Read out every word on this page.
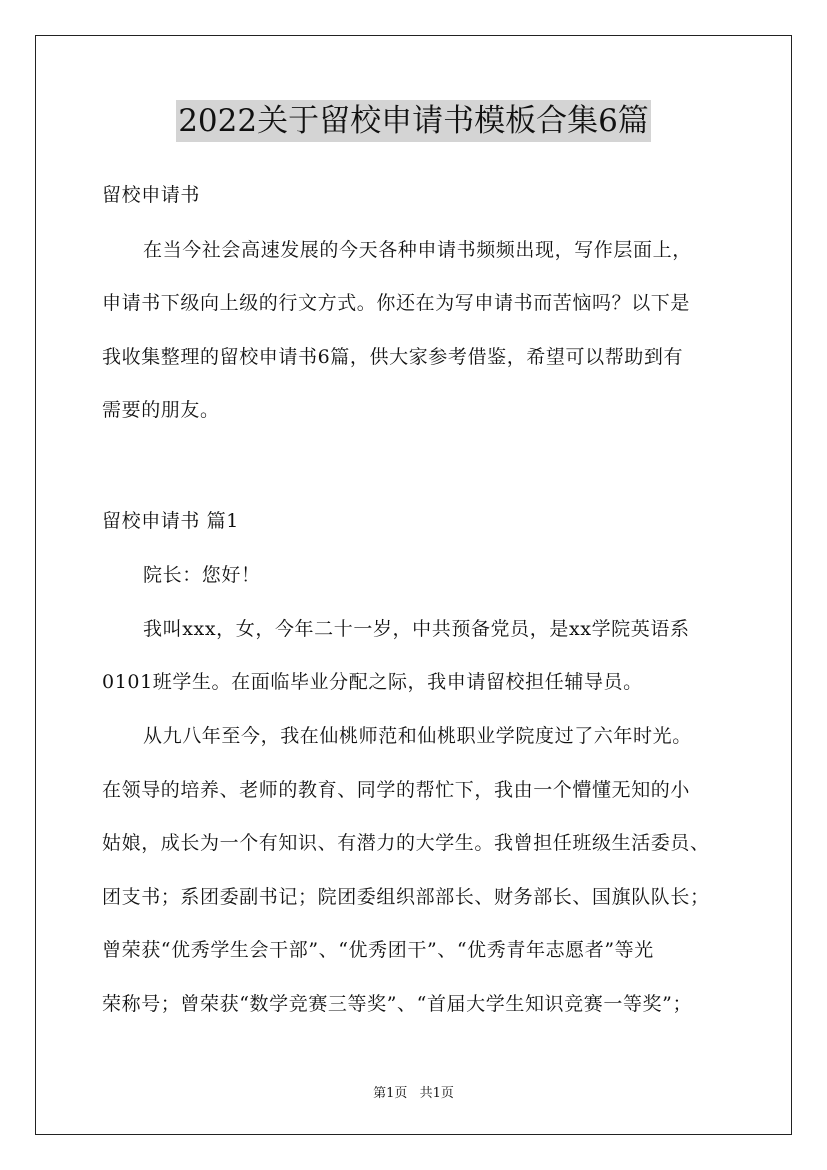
2022关于留校申请书模板合集6篇
留校申请书
在当今社会高速发展的今天各种申请书频频出现，写作层面上，
申请书下级向上级的行文方式。你还在为写申请书而苦恼吗？以下是
我收集整理的留校申请书6篇，供大家参考借鉴，希望可以帮助到有
需要的朋友。
留校申请书 篇1
院长：您好！
我叫xxx，女，今年二十一岁，中共预备党员，是xx学院英语系
0101班学生。在面临毕业分配之际，我申请留校担任辅导员。
从九八年至今，我在仙桃师范和仙桃职业学院度过了六年时光。
在领导的培养、老师的教育、同学的帮忙下，我由一个懵懂无知的小
姑娘，成长为一个有知识、有潜力的大学生。我曾担任班级生活委员、
团支书；系团委副书记；院团委组织部部长、财务部长、国旗队队长；
曾荣获“优秀学生会干部”、“优秀团干”、“优秀青年志愿者”等光
荣称号；曾荣获“数学竞赛三等奖”、“首届大学生知识竞赛一等奖”；
第1页 共1页
